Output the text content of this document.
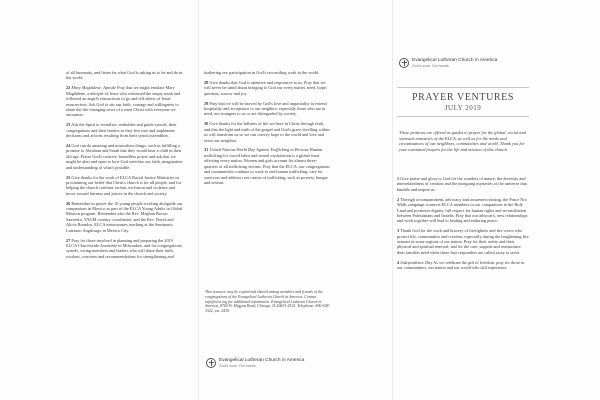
of all humanity, and listen for what God is asking us to be and do in the world.

22 Mary Magdalene, Apostle Pray that we might emulate Mary Magdalene, a disciple of Jesus who witnessed the empty tomb and followed an angel's instructions to go and tell others of Jesus' resurrection. Ask God to stir our faith, courage and willingness to share the life-changing news of a risen Christ with everyone we encounter.

23 Ask the Spirit to revitalize, embolden and guide synods, their congregations and their leaders as they live into and implement decisions and actions resulting from their synod assemblies.

24 God can do amazing and miraculous things, such as fulfilling a promise to Abraham and Sarah that they would bear a child in their old age. Praise God's creative, boundless power and ask that we might be alert and open to how God stretches our faith, imagination and understanding of what's possible.

25 Give thanks for the work of ELCA Racial Justice Ministries in proclaiming our belief that Christ's church is for all people, and for helping the church confront racism, exclusion and violence and move toward fairness and justice in the church and society.

26 Remember in prayer the 10 young people working alongside our companions in Mexico as part of the ELCA Young Adults in Global Mission program. Remember also the Rev. Meghan Brown Saavedra, YAGM country coordinator, and the Rev. David and Alicia Brondos, ELCA missionaries teaching at the Seminario Luterano Augsburgo in Mexico City.

27 Pray for those involved in planning and preparing the 2019 ELCA Churchwide Assembly in Milwaukee, and for congregations, synods, voting members and leaders who will share their faith, wisdom, concerns and recommendations for strengthening and

furthering our participation in God's reconciling work in the world.

28 Give thanks that God is attentive and responsive to us. Pray that we will never be timid about bringing to God our every matter, need, hope, question, sorrow and joy.

29 Pray that we will be moved by God's love and impartiality to extend hospitality and acceptance to our neighbor, especially those who are in need, are strangers to us or are disregarded by society.

30 Give thanks for the fullness of life we have in Christ through faith, and that the light and truth of the gospel and God's grace dwelling within us will transform us so we can convey hope to the world and love and serve our neighbor.

31 United Nations World Day Against Trafficking in Persons Human trafficking for forced labor and sexual exploitation is a global issue affecting every nation. Women and girls account for almost three-quarters of all trafficking victims. Pray that the ELCA, our congregations and communities continue to work to end human trafficking, care for survivors and address root causes of trafficking, such as poverty, hunger and sexism.

This resource may be copied and shared among members and friends of the congregations of the Evangelical Lutheran Church in America. Contact info@elca.org for additional information. Evangelical Lutheran Church in America, 8765 W. Higgins Road, Chicago, IL 60631-4101. Telephone: 800-638-3522, ext. 2439.
Evangelical Lutheran Church in America
God's work. Our hands.
Evangelical Lutheran Church in America
God's work. Our hands.
PRAYER VENTURES
JULY 2019
These petitions are offered as guides to prayer for the global, social and outreach ministries of the ELCA, as well as for the needs and circumstances of our neighbors, communities and world. Thank you for your continued prayers for the life and mission of this church.

1 Give praise and glory to God for the wonders of nature, the diversity and interrelatedness of creation and the intriguing mysteries of the universe that humble and inspire us.

2 Through accompaniment, advocacy and awareness-raising, the Peace Not Walls campaign connects ELCA members to our companions in the Holy Land and promotes dignity, full respect for human rights and reconciliation between Palestinians and Israelis. Pray that our advocacy, new relationships and work together will lead to healing and enduring peace.

3 Thank God for the work and bravery of firefighters and fire crews who protect life, communities and creation, especially during the lengthening fire seasons in some regions of our nation. Pray for their safety and their physical and spiritual renewal, and for the care, support and reassurance their families need when these first responders are called away to serve.

4 Independence Day As we celebrate the gift of freedom, pray for those in our communities, our nation and our world who still experience
